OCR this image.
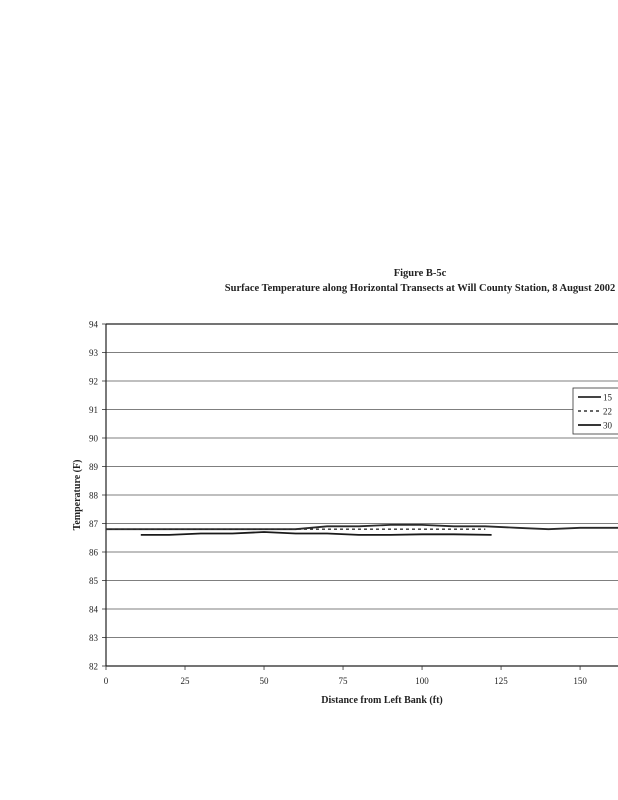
Figure B-5c
Surface Temperature along Horizontal Transects at Will County Station, 8 August 2002
82
83
84
85
86
87
88
89
90
91
92
93
94
0	25	50	75	100	125	150
15
22
30
Distance from Left Bank (ft)
Temperature (F)
